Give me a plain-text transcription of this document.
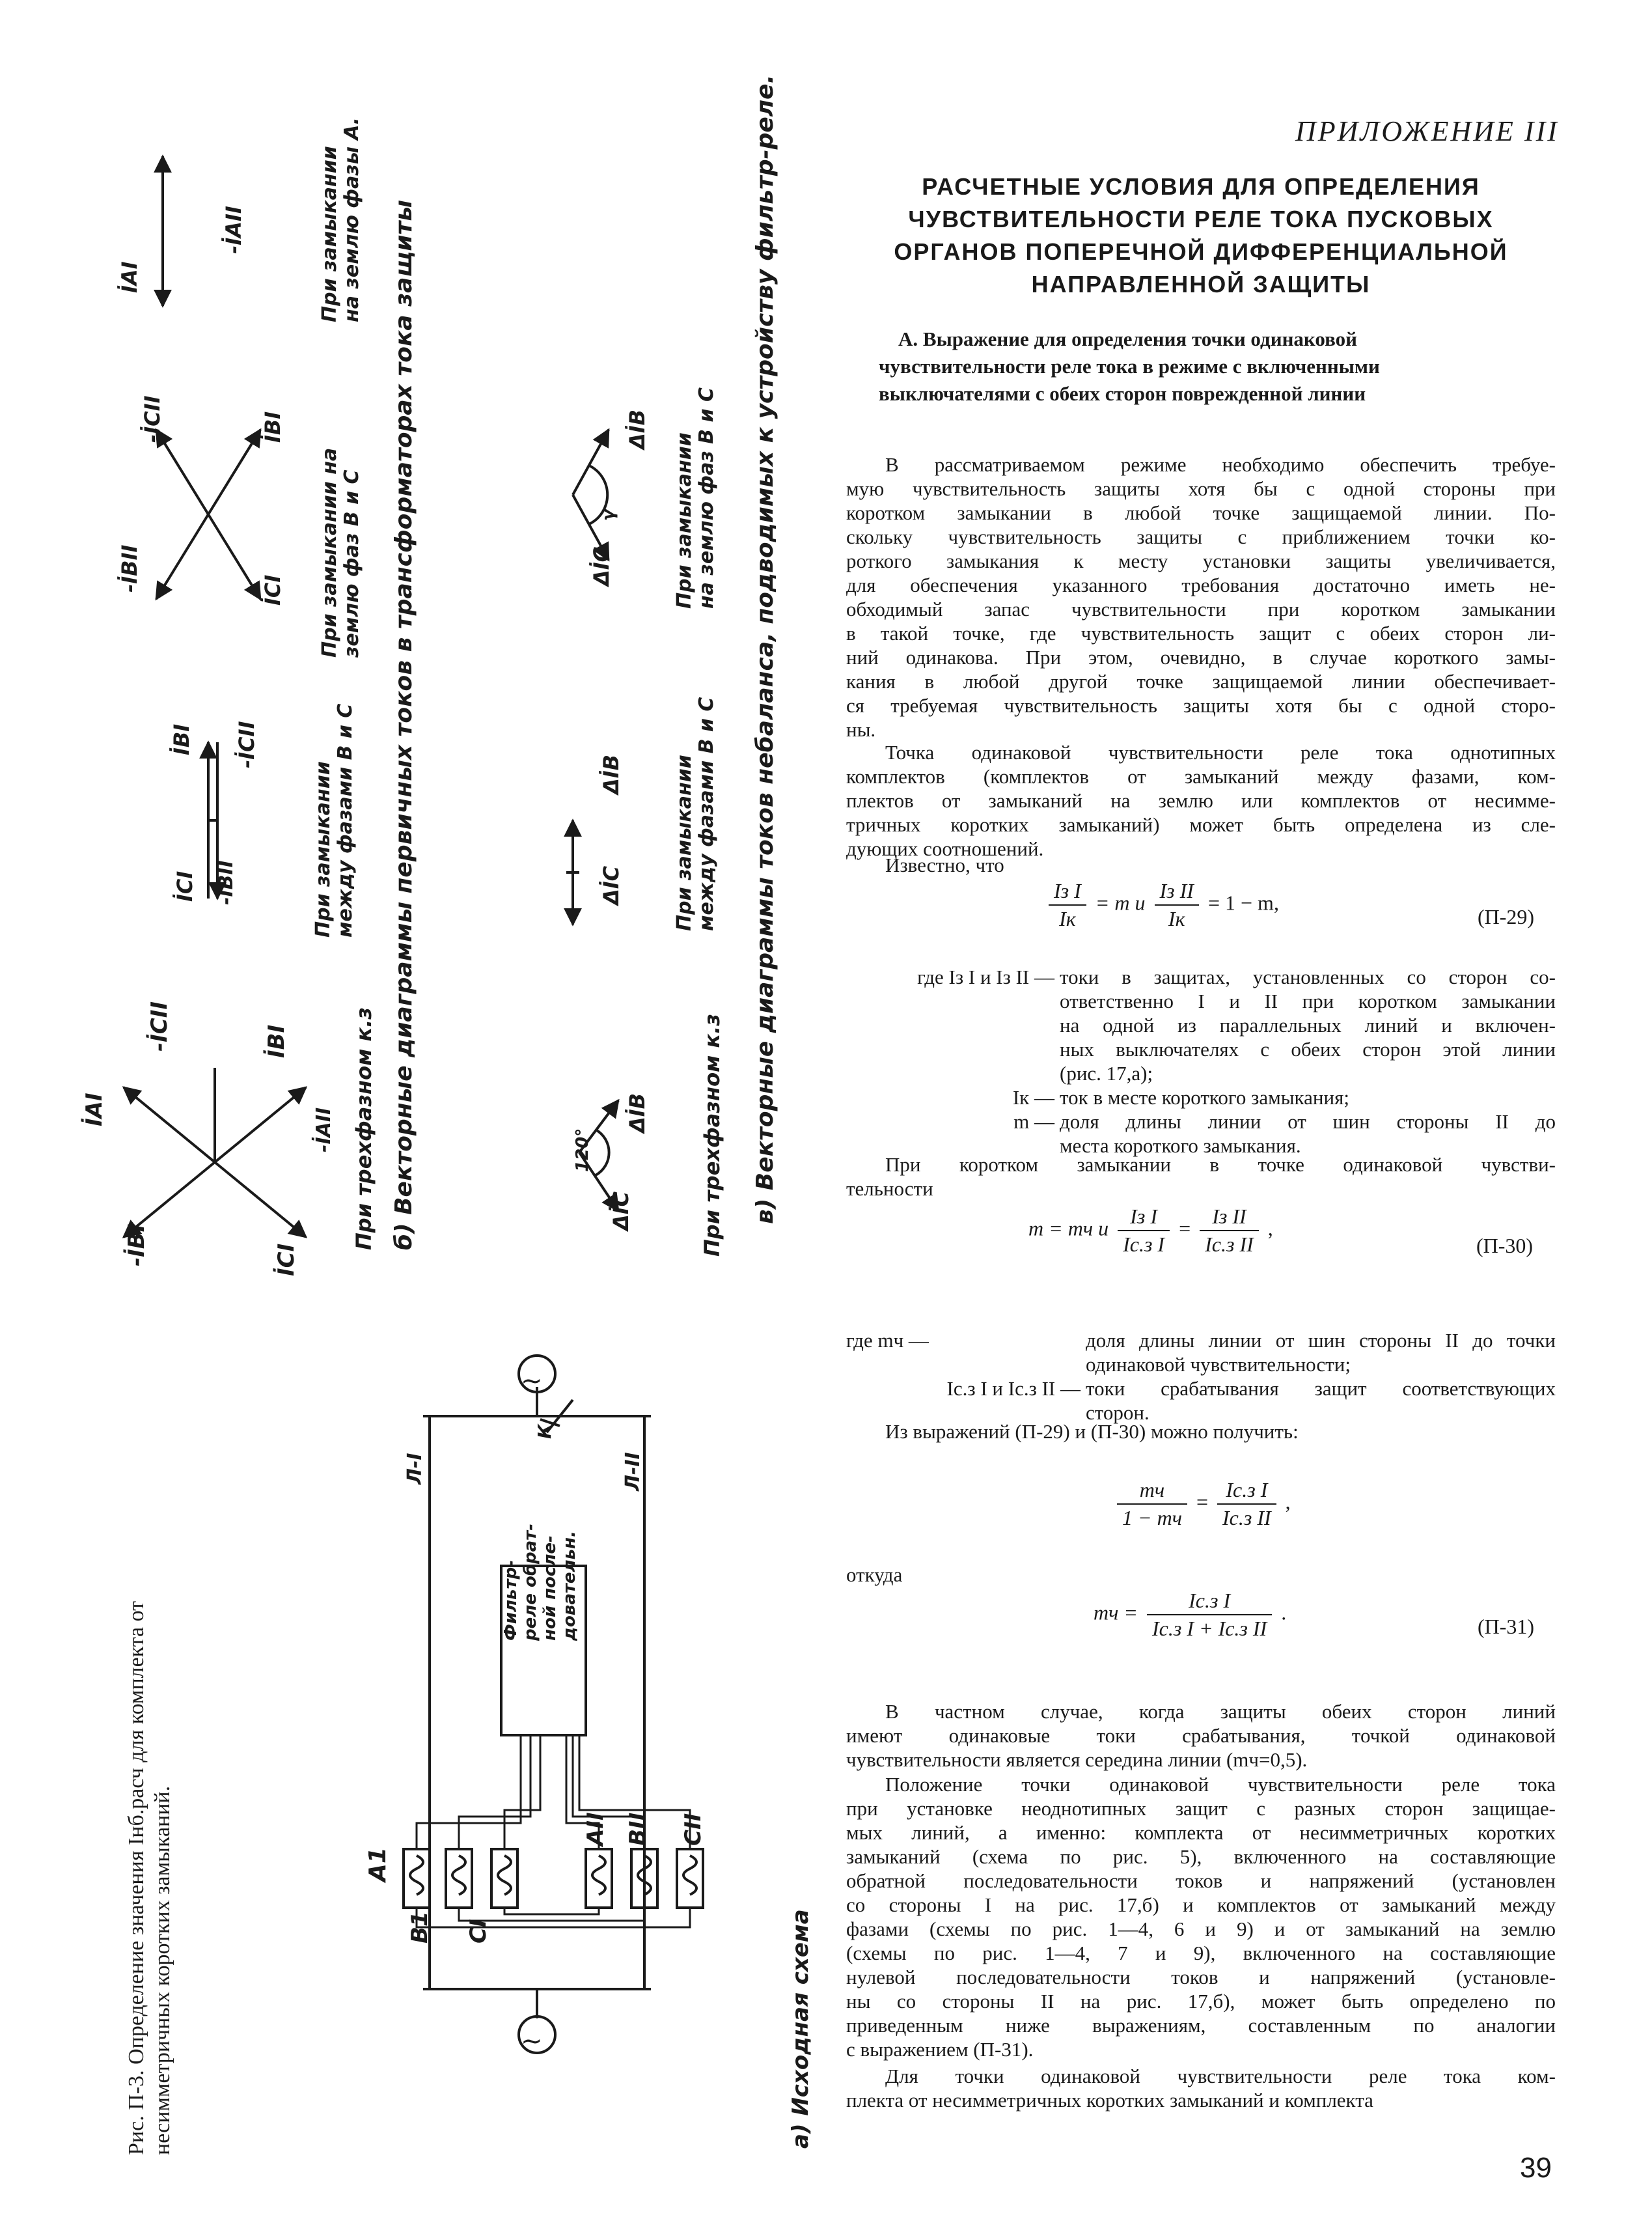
ПРИЛОЖЕНИЕ III
РАСЧЕТНЫЕ УСЛОВИЯ ДЛЯ ОПРЕДЕЛЕНИЯ
ЧУВСТВИТЕЛЬНОСТИ РЕЛЕ ТОКА ПУСКОВЫХ
ОРГАНОВ ПОПЕРЕЧНОЙ ДИФФЕРЕНЦИАЛЬНОЙ
НАПРАВЛЕННОЙ ЗАЩИТЫ
А. Выражение для определения точки одинаковой
чувствительности реле тока в режиме с включенными
выключателями с обеих сторон поврежденной линии
В рассматриваемом режиме необходимо обеспечить требуе-
мую чувствительность защиты хотя бы с одной стороны при
коротком замыкании в любой точке защищаемой линии. По-
скольку чувствительность защиты с приближением точки ко-
роткого замыкания к месту установки защиты увеличивается,
для обеспечения указанного требования достаточно иметь не-
обходимый запас чувствительности при коротком замыкании
в такой точке, где чувствительность защит с обеих сторон ли-
ний одинакова. При этом, очевидно, в случае короткого замы-
кания в любой другой точке защищаемой линии обеспечивает-
ся требуемая чувствительность защиты хотя бы с одной сторо-
ны.
Точка одинаковой чувствительности реле тока однотипных
комплектов (комплектов от замыканий между фазами, ком-
плектов от замыканий на землю или комплектов от несимме-
тричных коротких замыканий) может быть определена из сле-
дующих соотношений.
Известно, что
$\frac{\text{Iз I}}{Iк} = m$ и $\frac{\text{Iз II}}{Iк} = 1 - m$,
(П-29)
где Iз I и Iз II — токи в защитах, установленных со сторон со-
ответственно I и II при коротком замыкании
на одной из параллельных линий и включен-
ных выключателях с обеих сторон этой линии
(рис. 17,а);
Iк — ток в месте короткого замыкания;
m — доля длины линии от шин стороны II до
места короткого замыкания.
При коротком замыкании в точке одинаковой чувстви-
тельности
m = mч и $\frac{\text{Iз I}}{\text{Iс.з I}} = \frac{\text{Iз II}}{\text{Iс.з II}}$ ,
(П-30)
где mч —	доля длины линии от шин стороны II до точки
одинаковой чувствительности;
Iс.з I и Iс.з II — токи срабатывания защит соответствующих
сторон.
Из выражений (П-29) и (П-30) можно получить:
$\frac{mч}{1 - mч} = \frac{\text{Iс.з I}}{\text{Iс.з II}}$ ,
откуда
mч = $\frac{\text{Iс.з I}}{\text{Iс.з I + Iс.з II}}$ .
(П-31)
В частном случае, когда защиты обеих сторон линий
имеют одинаковые токи срабатывания, точкой одинаковой
чувствительности является середина линии (mч=0,5).
Положение точки одинаковой чувствительности реле тока
при установке неоднотипных защит с разных сторон защищае-
мых линий, а именно: комплекта от несимметричных коротких
замыканий (схема по рис. 5), включенного на составляющие
обратной последовательности токов и напряжений (установлен
со стороны I на рис. 17,б) и комплектов от замыканий между
фазами (схемы по рис. 1—4, 6 и 9) и от замыканий на землю
(схемы по рис. 1—4, 7 и 9), включенного на составляющие
нулевой последовательности токов и напряжений (установле-
ны со стороны II на рис. 17,б), может быть определено по
приведенным ниже выражениям, составленным по аналогии
с выражением (П-31).
Для точки одинаковой чувствительности реле тока ком-
плекта от несимметричных коротких замыканий и комплекта
39
Рис. П-3. Определение значения Iнб.расч для комплекта от несимметричных коротких замыканий.	а) Исходная схема
б) Векторные диаграммы первичных токов в трансформаторах тока защиты	в) Векторные диаграммы токов небаланса, подводимых к устройству фильтр-реле.
При трехфазном к.з
При замыкании между фазами В и С
При замыкании на землю фаз В и С
При замыкании на землю фазы А.
При трехфазном к.з
При замыкании между фазами В и С
При замыкании на землю фаз В и С
Фильтр- реле обрат- ной после- довательн.
Л-I	Л-II
К
A1
B1 CI
AII BII CII
İAI
-İBI	İCI
-İCII	İBI
-İAII
İBI -İCII
İCI -İBII
-İBII	İCI
-İCII	İBI
İAI
-İAII
ΔİC
ΔİB
120°
ΔİC
ΔİB
ΔİC
ΔİB
γ
~
~
